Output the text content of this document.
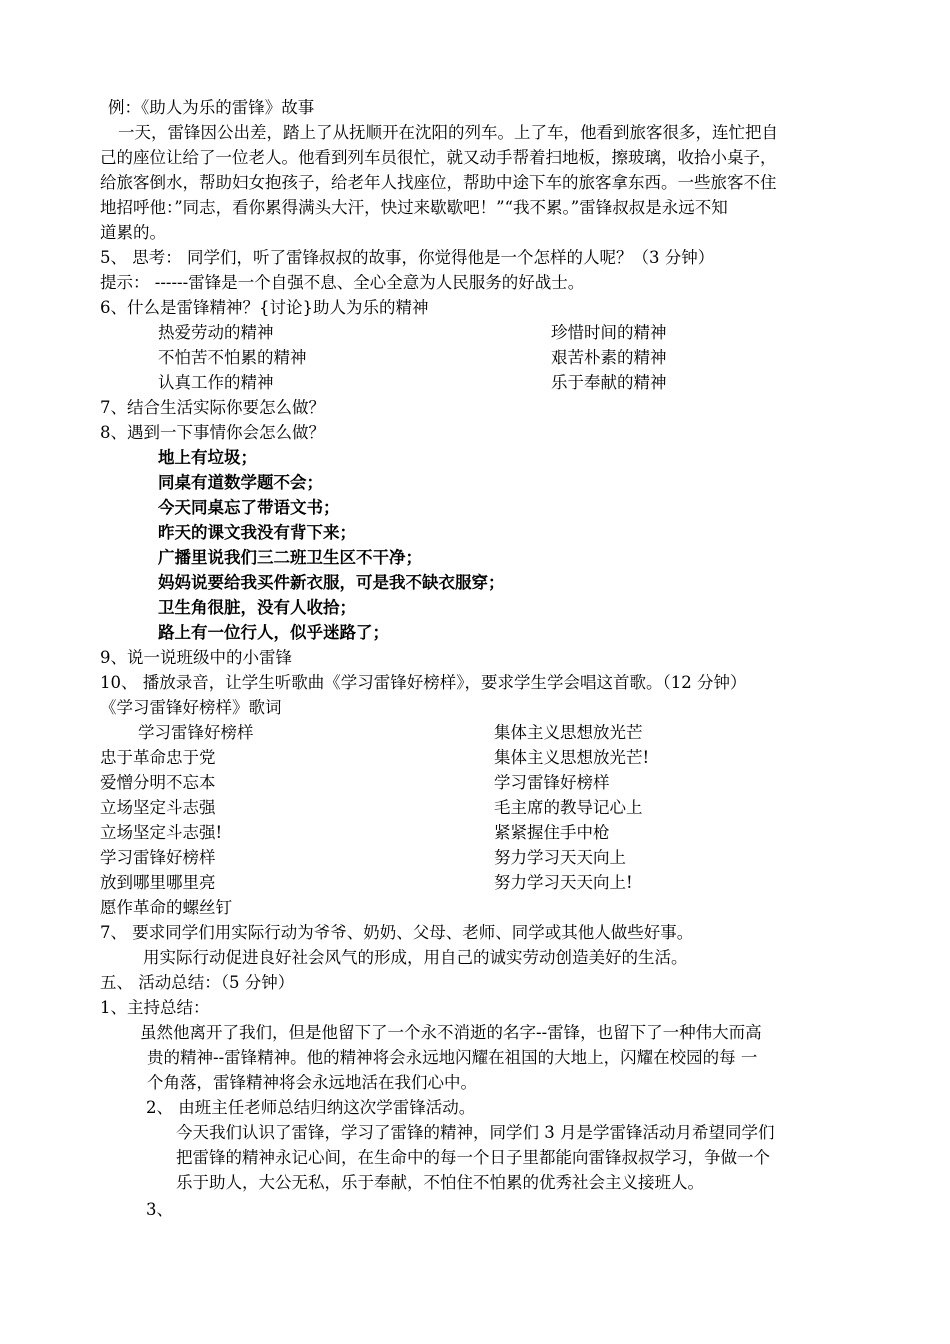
例：《助人为乐的雷锋》故事
一天，雷锋因公出差，踏上了从抚顺开在沈阳的列车。上了车，他看到旅客很多，连忙把自
己的座位让给了一位老人。他看到列车员很忙，就又动手帮着扫地板，擦玻璃，收拾小桌子，
给旅客倒水，帮助妇女抱孩子，给老年人找座位，帮助中途下车的旅客拿东西。一些旅客不住
地招呼他：”同志，看你累得满头大汗，快过来歇歇吧！”“我不累。”雷锋叔叔是永远不知
道累的。
5、 思考： 同学们，听了雷锋叔叔的故事，你觉得他是一个怎样的人呢？（3 分钟）
提示： ------雷锋是一个自强不息、全心全意为人民服务的好战士。
6、什么是雷锋精神？{讨论}助人为乐的精神
热爱劳动的精神
不怕苦不怕累的精神
认真工作的精神
珍惜时间的精神
艰苦朴素的精神
乐于奉献的精神
7、结合生活实际你要怎么做？
8、遇到一下事情你会怎么做？
地上有垃圾；
同桌有道数学题不会；
今天同桌忘了带语文书；
昨天的课文我没有背下来；
广播里说我们三二班卫生区不干净；
妈妈说要给我买件新衣服，可是我不缺衣服穿；
卫生角很脏，没有人收拾；
路上有一位行人，似乎迷路了；
9、说一说班级中的小雷锋
10、 播放录音，让学生听歌曲《学习雷锋好榜样》，要求学生学会唱这首歌。（12 分钟）
《学习雷锋好榜样》歌词
学习雷锋好榜样
忠于革命忠于党
爱憎分明不忘本
立场坚定斗志强
立场坚定斗志强!
学习雷锋好榜样
放到哪里哪里亮
愿作革命的螺丝钉
集体主义思想放光芒
集体主义思想放光芒!
学习雷锋好榜样
毛主席的教导记心上
紧紧握住手中枪
努力学习天天向上
努力学习天天向上!
7、 要求同学们用实际行动为爷爷、奶奶、父母、老师、同学或其他人做些好事。
用实际行动促进良好社会风气的形成，用自己的诚实劳动创造美好的生活。
五、 活动总结：（5 分钟）
1、主持总结：
虽然他离开了我们，但是他留下了一个永不消逝的名字--雷锋，也留下了一种伟大而高
贵的精神--雷锋精神。他的精神将会永远地闪耀在祖国的大地上，闪耀在校园的每 一
个角落，雷锋精神将会永远地活在我们心中。
2、 由班主任老师总结归纳这次学雷锋活动。
今天我们认识了雷锋，学习了雷锋的精神，同学们 3 月是学雷锋活动月希望同学们
把雷锋的精神永记心间，在生命中的每一个日子里都能向雷锋叔叔学习，争做一个
乐于助人，大公无私，乐于奉献，不怕住不怕累的优秀社会主义接班人。
3、
